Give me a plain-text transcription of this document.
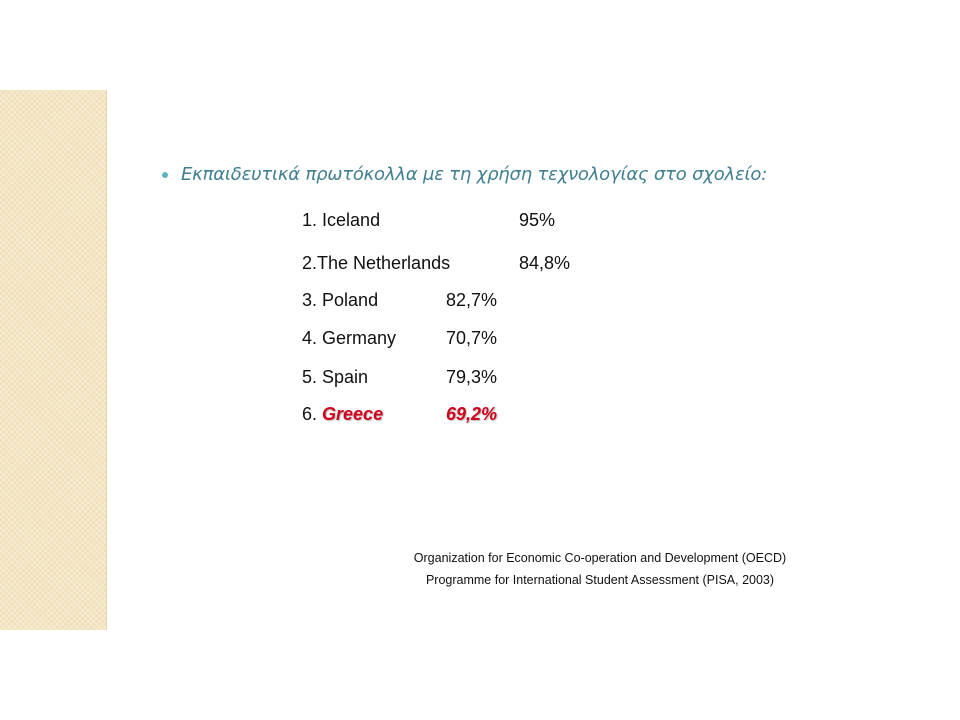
Εκπαιδευτικά πρωτόκολλα με τη χρήση τεχνολογίας στο σχολείο:
1. Iceland	95%
2.The Netherlands	84,8%
3. Poland	82,7%
4. Germany	70,7%
5. Spain	79,3%
6. Greece	69,2%
Organization for Economic Co-operation and Development (OECD)
Programme for International Student Assessment (PISA, 2003)
